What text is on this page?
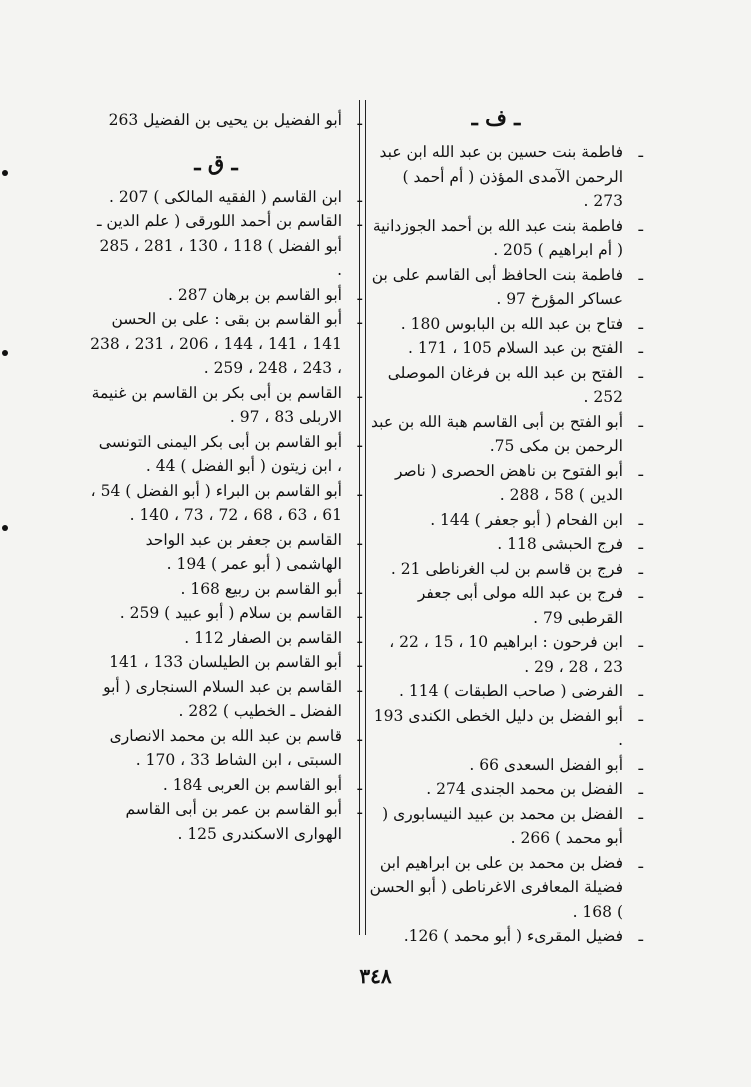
ـ ف ـ

ـ
فاطمة بنت حسين بن عبد الله ابن عبد الرحمن الآمدى المؤذن ( أم أحمد ) 273 .

ـ
فاطمة بنت عبد الله بن أحمد الجوزدانية ( أم ابراهيم ) 205 .

ـ
فاطمة بنت الحافظ أبى القاسم على بن عساكر المؤرخ 97 .

ـ
فتاح بن عبد الله بن البابوس 180 .

ـ
الفتح بن عبد السلام 105 ، 171 .

ـ
الفتح بن عبد الله بن فرغان الموصلى 252 .

ـ
أبو الفتح بن أبى القاسم هبة الله بن عبد الرحمن بن مكى 75.

ـ
أبو الفتوح بن ناهض الحصرى ( ناصر الدين ) 58 ، 288 .

ـ
ابن الفحام ( أبو جعفر ) 144 .

ـ
فرج الحبشى 118 .

ـ
فرج بن قاسم بن لب الغرناطى 21 .

ـ
فرج بن عبد الله مولى أبى جعفر القرطبى 79 .

ـ
ابن فرحون : ابراهيم 10 ، 15 ، 22 ، 23 ، 28 ، 29 .

ـ
الفرضى ( صاحب الطبقات ) 114 .

ـ
أبو الفضل بن دليل الخطى الكندى 193 .

ـ
أبو الفضل السعدى 66 .

ـ
الفضل بن محمد الجندى 274 .

ـ
الفضل بن محمد بن عبيد النيسابورى ( أبو محمد ) 266 .

ـ
فضل بن محمد بن على بن ابراهيم ابن فضيلة المعافرى الاغرناطى ( أبو الحسن ) 168 .

ـ
فضيل المقرىء ( أبو محمد ) 126.

ـ
أبو الفضيل بن يحيى بن الفضيل 263

ـ ق ـ

ـ
ابن القاسم ( الفقيه المالكى ) 207 .

ـ
القاسم بن أحمد اللورقى ( علم الدين ـ أبو الفضل ) 118 ، 130 ، 281 ، 285 .

ـ
أبو القاسم بن برهان 287 .

ـ
أبو القاسم بن بقى : على بن الحسن 141 ، 141 ، 144 ، 206 ، 231 ، 238 ، 243 ، 248 ، 259 .

ـ
القاسم بن أبى بكر بن القاسم بن غنيمة الاربلى 83 ، 97 .

ـ
أبو القاسم بن أبى بكر اليمنى التونسى ، ابن زيتون ( أبو الفضل ) 44 .

ـ
أبو القاسم بن البراء ( أبو الفضل ) 54 ، 61 ، 63 ، 68 ، 72 ، 73 ، 140 .

ـ
القاسم بن جعفر بن عبد الواحد الهاشمى ( أبو عمر ) 194 .

ـ
أبو القاسم بن ربيع 168 .

ـ
القاسم بن سلام ( أبو عبيد ) 259 .

ـ
القاسم بن الصفار 112 .

ـ
أبو القاسم بن الطيلسان 133 ، 141

ـ
القاسم بن عبد السلام السنجارى ( أبو الفضل ـ الخطيب ) 282 .

ـ
قاسم بن عبد الله بن محمد الانصارى السبتى ، ابن الشاط 33 ، 170 .

ـ
أبو القاسم بن العربى 184 .

ـ
أبو القاسم بن عمر بن أبى القاسم الهوارى الاسكندرى 125 .

٣٤٨
